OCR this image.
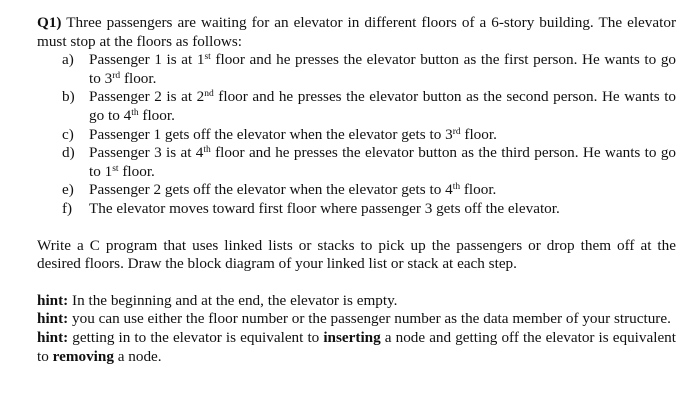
Q1) Three passengers are waiting for an elevator in different floors of a 6-story building. The elevator must stop at the floors as follows:
a) Passenger 1 is at 1st floor and he presses the elevator button as the first person. He wants to go to 3rd floor.
b) Passenger 2 is at 2nd floor and he presses the elevator button as the second person. He wants to go to 4th floor.
c) Passenger 1 gets off the elevator when the elevator gets to 3rd floor.
d) Passenger 3 is at 4th floor and he presses the elevator button as the third person. He wants to go to 1st floor.
e) Passenger 2 gets off the elevator when the elevator gets to 4th floor.
f) The elevator moves toward first floor where passenger 3 gets off the elevator.
Write a C program that uses linked lists or stacks to pick up the passengers or drop them off at the desired floors. Draw the block diagram of your linked list or stack at each step.
hint: In the beginning and at the end, the elevator is empty.
hint: you can use either the floor number or the passenger number as the data member of your structure.
hint: getting in to the elevator is equivalent to inserting a node and getting off the elevator is equivalent to removing a node.
